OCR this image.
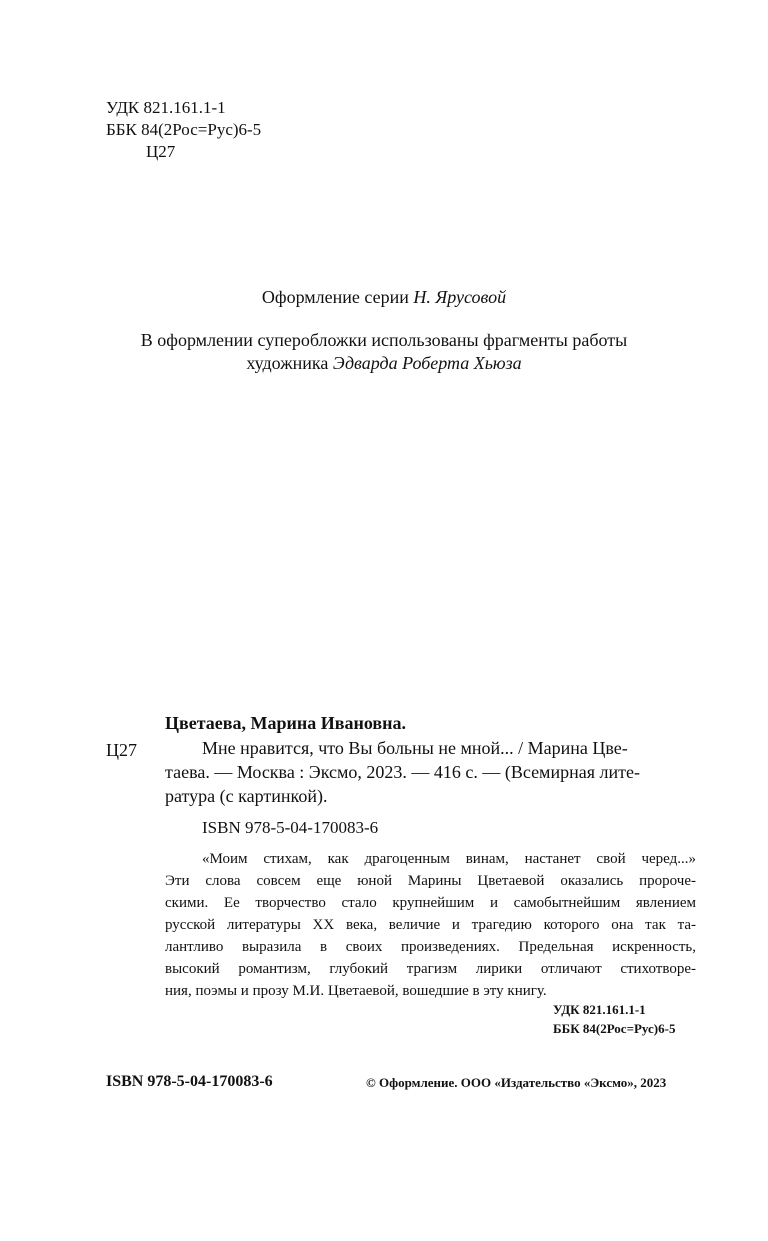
УДК 821.161.1-1
ББК 84(2Рос=Рус)6-5
Ц27
Оформление серии Н. Ярусовой
В оформлении суперобложки использованы фрагменты работы
художника Эдварда Роберта Хьюза
Цветаева, Марина Ивановна.
Ц27	Мне нравится, что Вы больны не мной... / Марина Цве-
таева. — Москва : Эксмо, 2023. — 416 с. — (Всемирная лите-
ратура (с картинкой).
ISBN 978-5-04-170083-6
«Моим стихам, как драгоценным винам, настанет свой черед...»
Эти слова совсем еще юной Марины Цветаевой оказались пророче-
скими. Ее творчество стало крупнейшим и самобытнейшим явлением
русской литературы XX века, величие и трагедию которого она так та-
лантливо выразила в своих произведениях. Предельная искренность,
высокий романтизм, глубокий трагизм лирики отличают стихотворе-
ния, поэмы и прозу М.И. Цветаевой, вошедшие в эту книгу.
УДК 821.161.1-1
ББК 84(2Рос=Рус)6-5
ISBN 978-5-04-170083-6	© Оформление. ООО «Издательство «Эксмо», 2023
